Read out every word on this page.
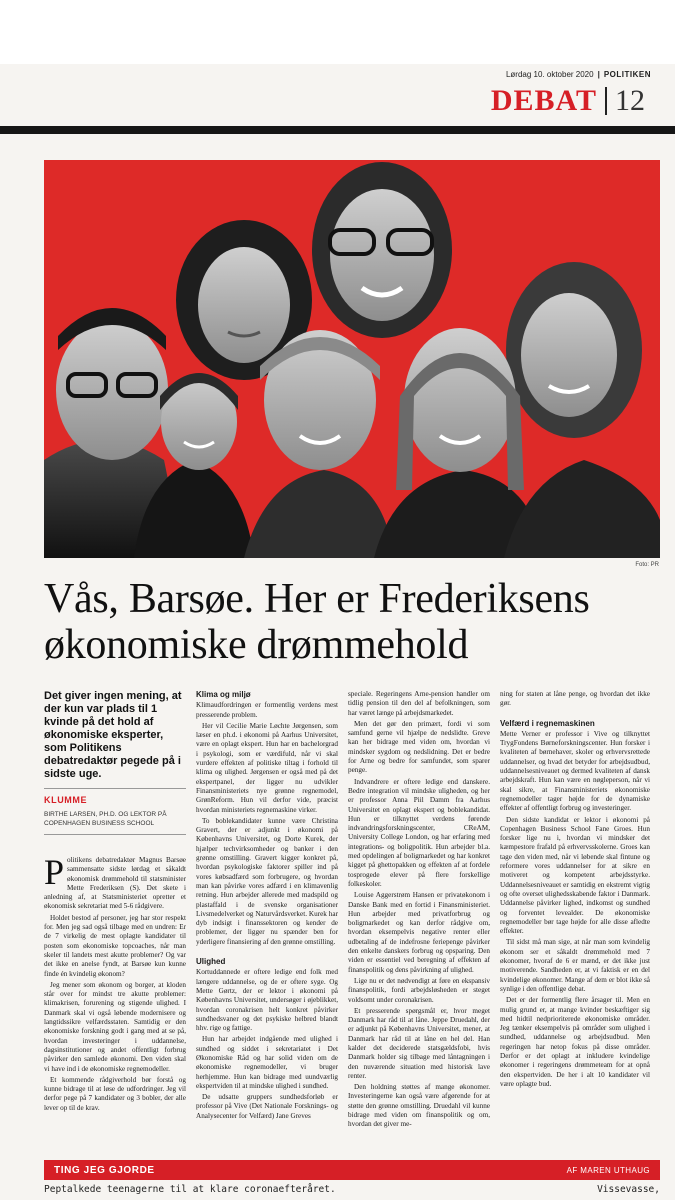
Lørdag 10. oktober 2020 | POLITIKEN
DEBAT 12
Foto: PR
Vås, Barsøe. Her er Frederiksens
økonomiske drømmehold

Det giver ingen mening, at der kun var plads til 1 kvinde på det hold af økonomiske eksperter, som Politikens debatredaktør pegede på i sidste uge.

KLUMME
BIRTHE LARSEN, PH.D. OG LEKTOR PÅ COPENHAGEN BUSINESS SCHOOL

Politikens debatredaktør Magnus Barsøe sammensatte sidste lørdag et såkaldt økonomisk drømmehold til statsminister Mette Frederiksen (S). Det skete i anledning af, at Statsministeriet opretter et økonomisk sekretariat med 5-6 rådgivere.

Holdet bestod af personer, jeg har stor respekt for. Men jeg sad også tilbage med en undren: Er de 7 virkelig de mest oplagte kandidater til posten som økonomiske topcoaches, når man skeler til landets mest akutte problemer? Og var det ikke en anelse fyndt, at Barsøe kun kunne finde én kvindelig økonom?

Jeg mener som økonom og borger, at kloden står over for mindst tre akutte problemer: klimakrisen, forurening og stigende ulighed. I Danmark skal vi også løbende modernisere og langtidssikre velfærdsstaten. Samtidig er den økonomiske forskning godt i gang med at se på, hvordan investeringer i uddannelse, dagsinstitutioner og andet offentligt forbrug påvirker den samlede økonomi. Den viden skal vi have ind i de økonomiske regnemodeller.

Et kommende rådgiverhold bør forstå og kunne bidrage til at løse de udfordringer. Jeg vil derfor pege på 7 kandidater og 3 bobler, der alle lever op til de krav.

Klima og miljø

Klimaudfordringen er formentlig verdens mest presserende problem.

Her vil Cecilie Marie Løchte Jørgensen, som læser en ph.d. i økonomi på Aarhus Universitet, være en oplagt ekspert. Hun har en bachelorgrad i psykologi, som er værdifuld, når vi skal vurdere effekten af politiske tiltag i forhold til klima og ulighed. Jørgensen er også med på det ekspertpanel, der ligger nu udvikler Finansministeriets nye grønne regnemodel, GrønReform. Hun vil derfor vide, præcist hvordan ministeriets regnemaskine virker.

To boblekandidater kunne være Christina Gravert, der er adjunkt i økonomi på Københavns Universitet, og Dorte Kurek, der hjælper techvirksomheder og banker i den grønne omstilling. Gravert kigger konkret på, hvordan psykologiske faktorer spiller ind på vores købsadfærd som forbrugere, og hvordan man kan påvirke vores adfærd i en klimavenlig retning. Hun arbejder allerede med madspild og plastaffald i de svenske organisationer Livsmedelverket og Naturvårdsverket. Kurek har dyb indsigt i finanssektoren og kender de problemer, der ligger nu spænder ben for yderligere finansiering af den grønne omstilling.

Ulighed

Kortuddannede er oftere ledige end folk med længere uddannelse, og de er oftere syge. Og Mette Gørtz, der er lektor i økonomi på Københavns Universitet, undersøger i øjeblikket, hvordan coronakrisen helt konkret påvirker sundhedsvaner og det psykiske helbred blandt hhv. rige og fattige.

Hun har arbejdet indgående med ulighed i sundhed og siddet i sekretariatet i Det Økonomiske Råd og har solid viden om de økonomiske regnemodeller, vi bruger herhjemme. Hun kan bidrage med uundværlig ekspertviden til at mindske ulighed i sundhed.

De udsatte gruppers sundhedsforløb er professor på Vive (Det Nationale Forsknings- og Analysecenter for Velfærd) Jane Greves

speciale. Regeringens Arne-pension handler om tidlig pension til den del af befolkningen, som har været længe på arbejdsmarkedet.

Men det gør den primært, fordi vi som samfund gerne vil hjælpe de nedslidte. Greve kan her bidrage med viden om, hvordan vi mindsker sygdom og nedslidning. Det er bedre for Arne og bedre for samfundet, som sparer penge.

Indvandrere er oftere ledige end danskere. Bedre integration vil mindske uligheden, og her er professor Anna Piil Damm fra Aarhus Universitet en oplagt ekspert og boblekandidat. Hun er tilknyttet verdens førende indvandringsforskningscenter, CReAM, University College London, og har erfaring med integrations- og boligpolitik. Hun arbejder bl.a. med opdelingen af boligmarkedet og har konkret kigget på ghettopakken og effekten af at fordele tosprogede elever på flere forskellige folkeskoler.

Louise Aggerstrøm Hansen er privatøkonom i Danske Bank med en fortid i Finansministeriet. Hun arbejder med privatforbrug og boligmarkedet og kan derfor rådgive om, hvordan eksempelvis negative renter eller udbetaling af de indefrosne feriepenge påvirker den enkelte danskers forbrug og opsparing. Den viden er essentiel ved beregning af effekten af finanspolitik og dens påvirkning af ulighed.

Lige nu er det nødvendigt at føre en ekspansiv finanspolitik, fordi arbejdsløsheden er steget voldsomt under coronakrisen.

Et presserende spørgsmål er, hvor meget Danmark har råd til at låne. Jeppe Druedahl, der er adjunkt på Københavns Universitet, mener, at Danmark har råd til at låne en hel del. Han kalder det deciderede statsgældsfobi, hvis Danmark holder sig tilbage med låntagningen i den nuværende situation med historisk lave renter.

Den holdning støttes af mange økonomer. Investeringerne kan også være afgørende for at støtte den grønne omstilling. Druedahl vil kunne bidrage med viden om finanspolitik og om, hvordan det giver me-

ning for staten at låne penge, og hvordan det ikke gør.

Velfærd i regnemaskinen

Mette Verner er professor i Vive og tilknyttet TrygFondens Børneforskningscenter. Hun forsker i kvaliteten af børnehaver, skoler og erhvervsrettede uddannelser, og hvad det betyder for arbejdsudbud, uddannelsesniveauet og dermed kvaliteten af dansk arbejdskraft. Hun kan være en nøgleperson, når vi skal sikre, at Finansministeriets økonomiske regnemodeller tager højde for de dynamiske effekter af offentligt forbrug og investeringer.

Den sidste kandidat er lektor i økonomi på Copenhagen Business School Fane Groes. Hun forsker lige nu i, hvordan vi mindsker det kæmpestore frafald på erhvervsskolerne. Groes kan tage den viden med, når vi løbende skal fintune og reformere vores uddannelser for at sikre en motiveret og kompetent arbejdsstyrke. Uddannelsesniveauet er samtidig en ekstremt vigtig og ofte overset ulighedsskabende faktor i Danmark. Uddannelse påvirker lighed, indkomst og sundhed og forventet levealder. De økonomiske regnemodeller bør tage højde for alle disse afledte effekter.

Til sidst må man sige, at når man som kvindelig økonom ser et såkaldt drømmehold med 7 økonomer, hvoraf de 6 er mænd, er det ikke just motiverende. Sandheden er, at vi faktisk er en del kvindelige økonomer. Mange af dem er blot ikke så synlige i den offentlige debat.

Det er der formentlig flere årsager til. Men en mulig grund er, at mange kvinder beskæftiger sig med hidtil nedprioriterede økonomiske områder. Jeg tænker eksempelvis på områder som ulighed i sundhed, uddannelse og arbejdsudbud. Men regeringen har netop fokus på disse områder. Derfor er det oplagt at inkludere kvindelige økonomer i regeringens drømmeteam for at opnå den ekspertviden. De her i alt 10 kandidater vil være oplagte bud.

TING JEG GJORDE	AF MAREN UTHAUG
Peptalkede teenagerne til at klare coronaefteråret.	Vissevasse,
